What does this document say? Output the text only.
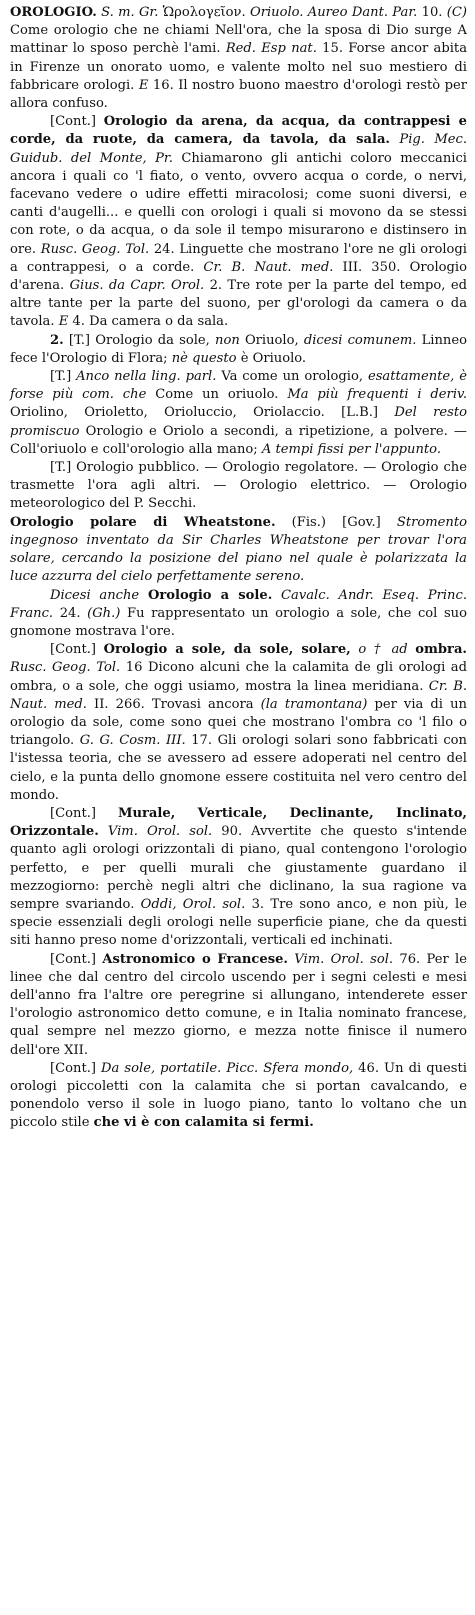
OROLOGIO. S. m. Gr. Ὡρολογεῖον. Oriuolo. Aureo Dant. Par. 10. (C) Come orologio che ne chiami Nell'ora, che la sposa di Dio surge A mattinar lo sposo perchè l'ami. Red. Esp nat. 15. Forse ancor abita in Firenze un onorato uomo, e valente molto nel suo mestiero di fabbricare orologi. E 16. Il nostro buono maestro d'orologi restò per allora confuso.

[Cont.] Orologio da arena, da acqua, da contrappesi e corde, da ruote, da camera, da tavola, da sala. Pig. Mec. Guidub. del Monte, Pr. Chiamarono gli antichi coloro meccanici ancora i quali co 'l fiato, o vento, ovvero acqua o corde, o nervi, facevano vedere o udire effetti miracolosi; come suoni diversi, e canti d'augelli... e quelli con orologi i quali si movono da se stessi con rote, o da acqua, o da sole il tempo misurarono e distinsero in ore. Rusc. Geog. Tol. 24. Linguette che mostrano l'ore ne gli orologi a contrappesi, o a corde. Cr. B. Naut. med. III. 350. Orologio d'arena. Gius. da Capr. Orol. 2. Tre rote per la parte del tempo, ed altre tante per la parte del suono, per gl'orologi da camera o da tavola. E 4. Da camera o da sala.

2. [T.] Orologio da sole, non Oriuolo, dicesi comunem. Linneo fece l'Orologio di Flora; nè questo è Oriuolo.

[T.] Anco nella ling. parl. Va come un orologio, esattamente, è forse più com. che Come un oriuolo. Ma più frequenti i deriv. Oriolino, Oriolettо, Orioluccio, Oriolaccio. [L.B.] Del resto promiscuo Orologio e Oriolo a secondi, a ripetizione, a polvere. — Coll'oriuolo e coll'orologio alla mano; A tempi fissi per l'appunto.

[T.] Orologio pubblico. — Orologio regolatore. — Orologio che trasmette l'ora agli altri. — Orologio elettrico. — Orologio meteorologico del P. Secchi.

Orologio polare di Wheatstone. (Fis.) [Gov.] Stromento ingegnoso inventato da Sir Charles Wheatstone per trovar l'ora solare, cercando la posizione del piano nel quale è polarizzata la luce azzurra del cielo perfettamente sereno.

Dicesi anche Orologio a sole. Cavalc. Andr. Eseq. Princ. Franc. 24. (Gh.) Fu rappresentato un orologio a sole, che col suo gnomone mostrava l'ore.

[Cont.] Orologio a sole, da sole, solare, o † ad ombra. Rusc. Geog. Tol. 16 Dicono alcuni che la calamita de gli orologi ad ombra, o a sole, che oggi usiamo, mostra la linea meridiana. Cr. B. Naut. med. II. 266. Trovasi ancora (la tramontana) per via di un orologio da sole, come sono quei che mostrano l'ombra co 'l filo o triangolo. G. G. Cosm. III. 17. Gli orologi solari sono fabbricati con l'istessa teoria, che se avessero ad essere adoperati nel centro del cielo, e la punta dello gnomone essere costituita nel vero centro del mondo.

[Cont.] Murale, Verticale, Declinante, Inclinato, Orizzontale. Vim. Orol. sol. 90. Avvertite che questo s'intende quanto agli orologi orizzontali di piano, qual contengono l'orologio perfetto, e per quelli murali che giustamente guardano il mezzogiorno: perchè negli altri che diclinano, la sua ragione va sempre svariando. Oddi, Orol. sol. 3. Tre sono anco, e non più, le specie essenziali degli orologi nelle superficie piane, che da questi siti hanno preso nome d'orizzontali, verticali ed inchinati.

[Cont.] Astronomico o Francese. Vim. Orol. sol. 76. Per le linee che dal centro del circolo uscendo per i segni celesti e mesi dell'anno fra l'altre ore peregrine si allungano, intenderete esser l'orologio astronomico detto comune, e in Italia nominato francese, qual sempre nel mezzo giorno, e mezza notte finisce il numero dell'ore XII.

[Cont.] Da sole, portatile. Picc. Sfera mondo, 46. Un di questi orologi piccoletti con la calamita che si portan cavalcando, e ponendolo verso il sole in luogo piano, tanto lo voltano che un piccolo stile che vi è con calamita si fermi.
